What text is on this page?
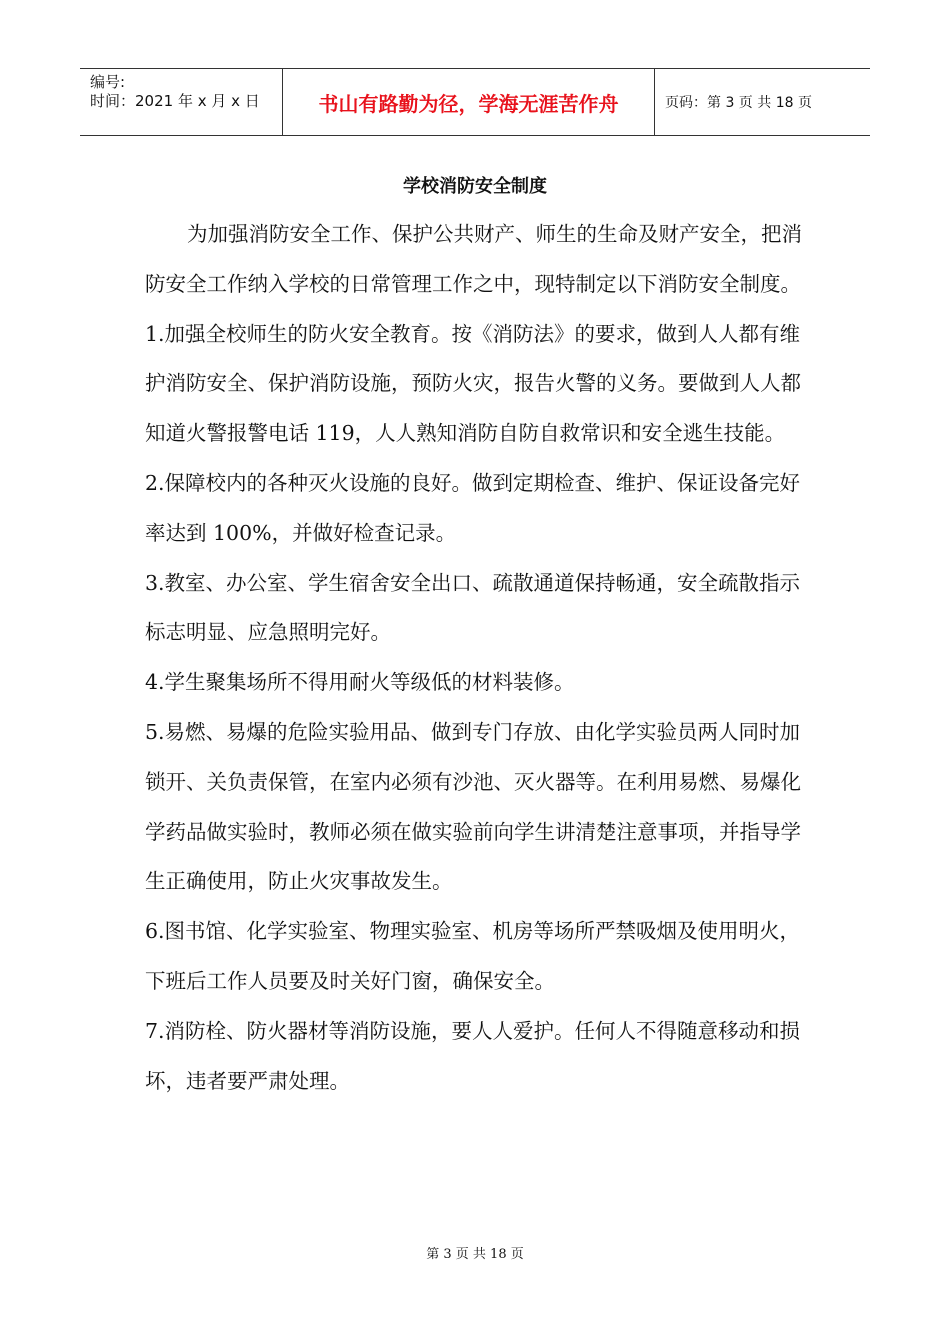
编号:
时间：2021 年 x 月 x 日	书山有路勤为径，学海无涯苦作舟	页码：第 3 页 共 18 页
学校消防安全制度

为加强消防安全工作、保护公共财产、师生的生命及财产安全，把消防安全工作纳入学校的日常管理工作之中，现特制定以下消防安全制度。

1.加强全校师生的防火安全教育。按《消防法》的要求，做到人人都有维护消防安全、保护消防设施，预防火灾，报告火警的义务。要做到人人都知道火警报警电话 119，人人熟知消防自防自救常识和安全逃生技能。

2.保障校内的各种灭火设施的良好。做到定期检查、维护、保证设备完好率达到 100%，并做好检查记录。

3.教室、办公室、学生宿舍安全出口、疏散通道保持畅通，安全疏散指示标志明显、应急照明完好。

4.学生聚集场所不得用耐火等级低的材料装修。

5.易燃、易爆的危险实验用品、做到专门存放、由化学实验员两人同时加锁开、关负责保管，在室内必须有沙池、灭火器等。在利用易燃、易爆化学药品做实验时，教师必须在做实验前向学生讲清楚注意事项，并指导学生正确使用，防止火灾事故发生。

6.图书馆、化学实验室、物理实验室、机房等场所严禁吸烟及使用明火，下班后工作人员要及时关好门窗，确保安全。

7.消防栓、防火器材等消防设施，要人人爱护。任何人不得随意移动和损坏，违者要严肃处理。

第 3 页 共 18 页
